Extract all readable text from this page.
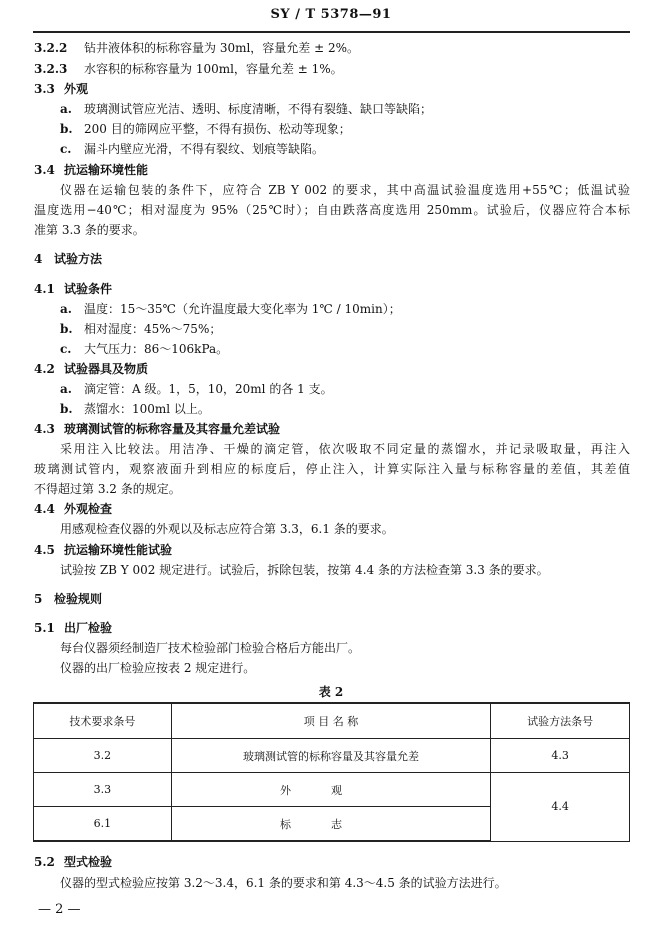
SY / T 5378—91
3.2.2 钻井液体积的标称容量为 30ml，容量允差 ± 2%。
3.2.3 水容积的标称容量为 100ml，容量允差 ± 1%。
3.3 外观
a. 玻璃测试管应光洁、透明、标度清晰，不得有裂缝、缺口等缺陷；
b. 200 目的筛网应平整，不得有损伤、松动等现象；
c. 漏斗内壁应光滑，不得有裂纹、划痕等缺陷。
3.4 抗运输环境性能
仪器在运输包装的条件下，应符合 ZB Y 002 的要求，其中高温试验温度选用+55℃；低温试验
温度选用−40℃；相对湿度为 95%（25℃时）；自由跌落高度选用 250mm。试验后，仪器应符合本标
准第 3.3 条的要求。
4 试验方法
4.1 试验条件
a. 温度：15～35℃（允许温度最大变化率为 1℃ / 10min）；
b. 相对湿度：45%～75%；
c. 大气压力：86～106kPa。
4.2 试验器具及物质
a. 滴定管：A 级。1，5，10，20ml 的各 1 支。
b. 蒸馏水：100ml 以上。
4.3 玻璃测试管的标称容量及其容量允差试验
采用注入比较法。用洁净、干燥的滴定管，依次吸取不同定量的蒸馏水，并记录吸取量，再注入
玻璃测试管内，观察液面升到相应的标度后，停止注入，计算实际注入量与标称容量的差值，其差值
不得超过第 3.2 条的规定。
4.4 外观检查
用感观检查仪器的外观以及标志应符合第 3.3，6.1 条的要求。
4.5 抗运输环境性能试验
试验按 ZB Y 002 规定进行。试验后，拆除包装，按第 4.4 条的方法检查第 3.3 条的要求。
5 检验规则
5.1 出厂检验
每台仪器须经制造厂技术检验部门检验合格后方能出厂。
仪器的出厂检验应按表 2 规定进行。
表 2
技术要求条号	项 目 名 称	试验方法条号
3.2	玻璃测试管的标称容量及其容量允差	4.3
3.3	外观	4.4
6.1	标志	
5.2 型式检验
仪器的型式检验应按第 3.2～3.4，6.1 条的要求和第 4.3～4.5 条的试验方法进行。
— 2 —
